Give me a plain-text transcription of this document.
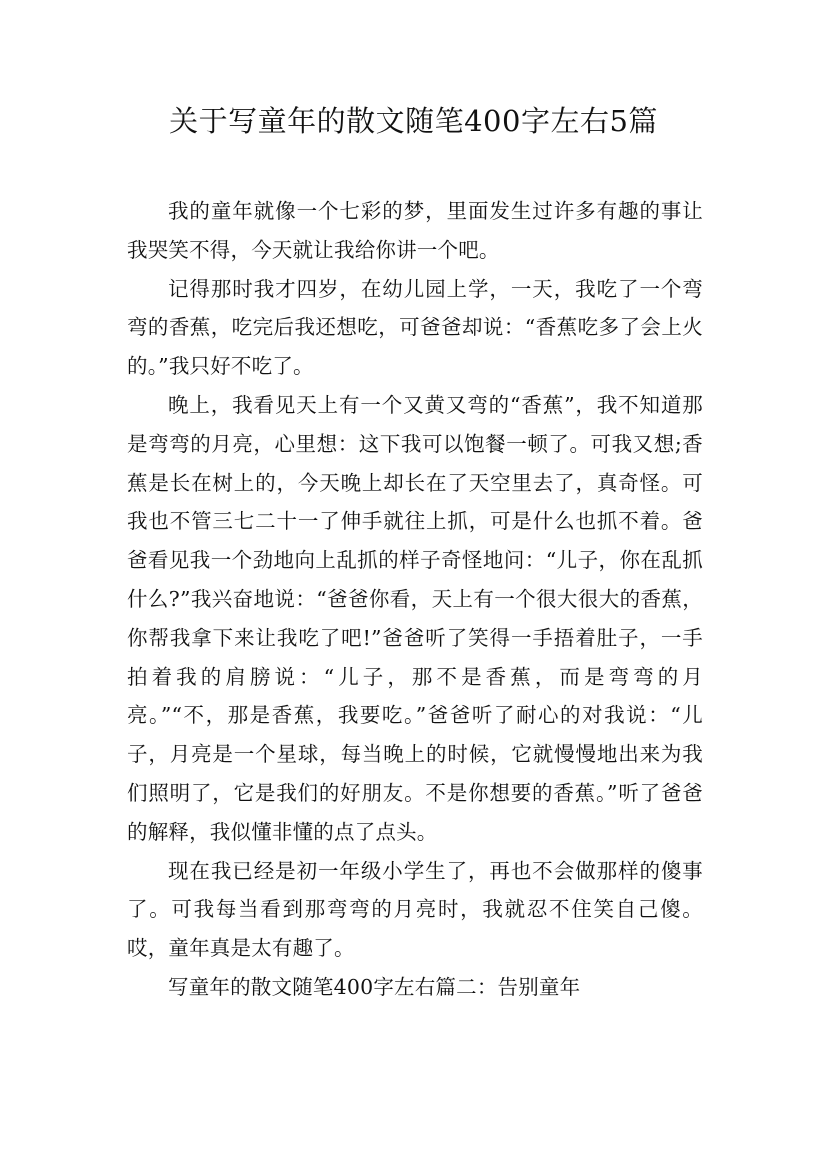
关于写童年的散文随笔400字左右5篇

我的童年就像一个七彩的梦，里面发生过许多有趣的事让我哭笑不得，今天就让我给你讲一个吧。

记得那时我才四岁，在幼儿园上学，一天，我吃了一个弯弯的香蕉，吃完后我还想吃，可爸爸却说：“香蕉吃多了会上火的。”我只好不吃了。

晚上，我看见天上有一个又黄又弯的“香蕉”，我不知道那是弯弯的月亮，心里想：这下我可以饱餐一顿了。可我又想;香蕉是长在树上的，今天晚上却长在了天空里去了，真奇怪。可我也不管三七二十一了伸手就往上抓，可是什么也抓不着。爸爸看见我一个劲地向上乱抓的样子奇怪地问：“儿子，你在乱抓什么?”我兴奋地说：“爸爸你看，天上有一个很大很大的香蕉，你帮我拿下来让我吃了吧!”爸爸听了笑得一手捂着肚子，一手拍着我的肩膀说：“儿子，那不是香蕉，而是弯弯的月亮。”“不，那是香蕉，我要吃。”爸爸听了耐心的对我说：“儿子，月亮是一个星球，每当晚上的时候，它就慢慢地出来为我们照明了，它是我们的好朋友。不是你想要的香蕉。”听了爸爸的解释，我似懂非懂的点了点头。

现在我已经是初一年级小学生了，再也不会做那样的傻事了。可我每当看到那弯弯的月亮时，我就忍不住笑自己傻。哎，童年真是太有趣了。

写童年的散文随笔400字左右篇二：告别童年
